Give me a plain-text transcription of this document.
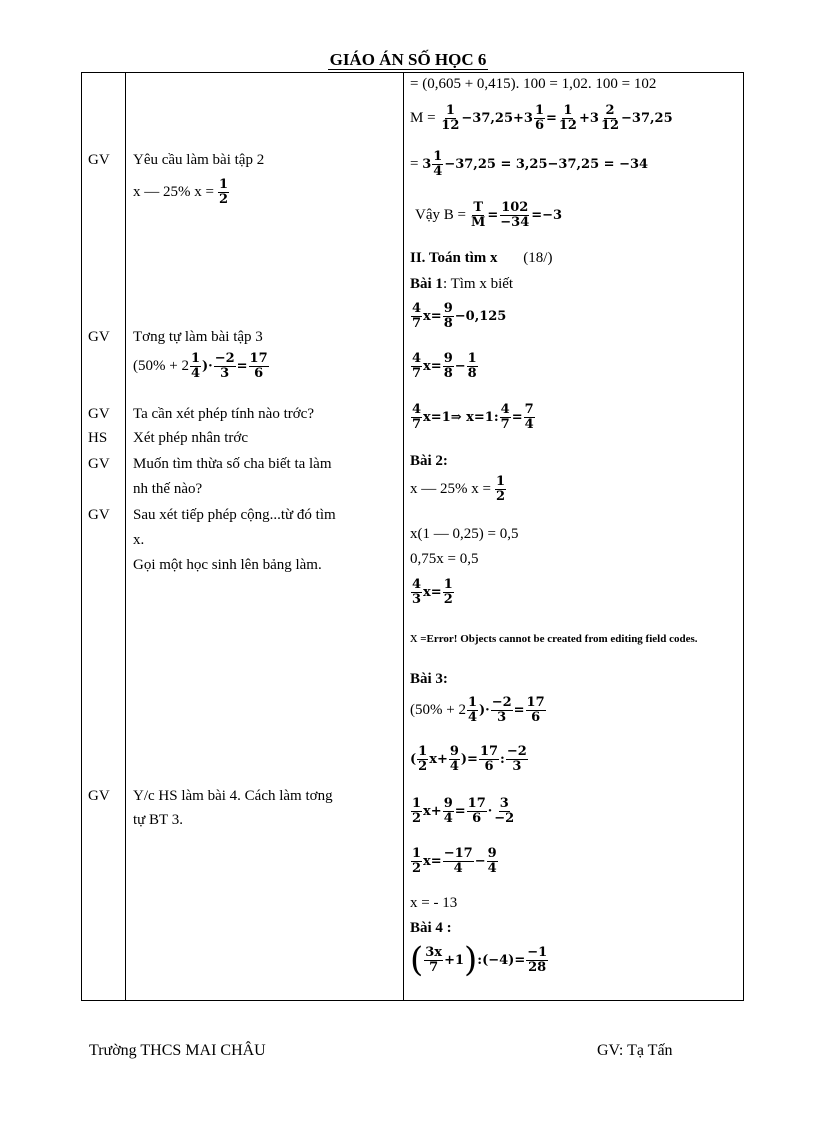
GIÁO ÁN SỐ HỌC 6
GV
GV
GV
HS
GV
GV
GV
Yêu cầu làm bài tập 2
x — 25% $x = \frac{1}{2}$
Tơng tự làm bài tập 3
($50\% + 2 \frac{1}{4}$ )· $\frac{-2}{3} = \frac{17}{6}$
Ta cần xét phép tính nào trớc?
Xét phép nhân trớc
Muốn tìm thừa số cha biết ta làm
nh thế nào?
Sau xét tiếp phép cộng...từ đó tìm
x.
Gọi một học sinh lên bảng làm.
Y/c HS làm bài 4. Cách làm tơng
tự BT 3.
= (0,605 + 0,415). 100 = 1,02. 100 = 102
$M = \frac{1}{12} -37,25+3 \frac{1}{6} = \frac{1}{12} +3 \frac{2}{12} -37,25$
= $3 \frac{1}{4} -37,25 = 3,25-37,25 = -34$
Vậy $B = \frac{T}{M} = \frac{102}{-34} =-3$
II. Toán tìm x (18/)
Bài 1: Tìm x biết
$\frac{4}{7} x= \frac{9}{8} -0,125$
$\frac{4}{7} x= \frac{9}{8} - \frac{1}{8}$
$\frac{4}{7}$ x=1⇒ x=1: $\frac{4}{7} = \frac{7}{4}$
Bài 2:
x — 25% $x = \frac{1}{2}$
x(1 — 0,25) = 0,5
0,75x = 0,5
$\frac{4}{3} x= \frac{1}{2}$
x =Error! Objects cannot be created from editing field codes.
Bài 3:
($50\% + 2 \frac{1}{4}$ )· $\frac{-2}{3} = \frac{17}{6}$
( $\frac{1}{2} x+ \frac{9}{4}$ )= $\frac{17}{6}$ : $\frac{-2}{3}$
$\frac{1}{2} x+ \frac{9}{4} = \frac{17}{6} \cdot \frac{3}{-2}$
$\frac{1}{2} x= \frac{-17}{4} - \frac{9}{4}$
x = - 13
Bài 4 :
( $\frac{3x}{7} +1$ ) :(−4)= $\frac{-1}{28}$
Trường THCS MAI CHÂU	GV: Tạ Tấn
